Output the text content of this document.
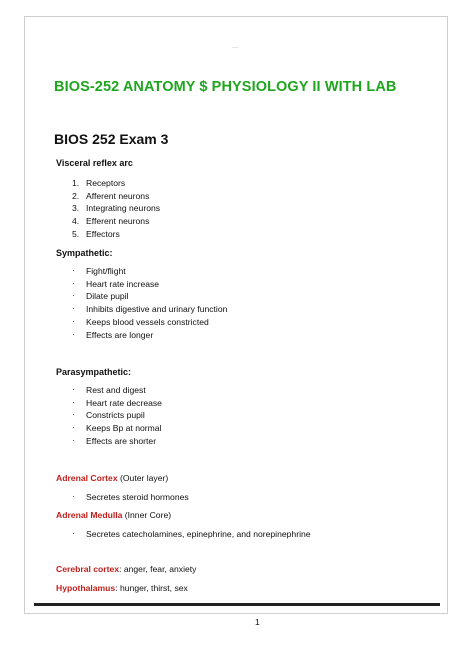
-----
BIOS-252 ANATOMY $ PHYSIOLOGY II WITH LAB
BIOS 252 Exam 3
Visceral reflex arc
1. Receptors
2. Afferent neurons
3. Integrating neurons
4. Efferent neurons
5. Effectors
Sympathetic:
· Fight/flight
· Heart rate increase
· Dilate pupil
· Inhibits digestive and urinary function
· Keeps blood vessels constricted
· Effects are longer
Parasympathetic:
· Rest and digest
· Heart rate decrease
· Constricts pupil
· Keeps Bp at normal
· Effects are shorter
Adrenal Cortex (Outer layer)
· Secretes steroid hormones
Adrenal Medulla (Inner Core)
· Secretes catecholamines, epinephrine, and norepinephrine
Cerebral cortex: anger, fear, anxiety
Hypothalamus: hunger, thirst, sex
1
